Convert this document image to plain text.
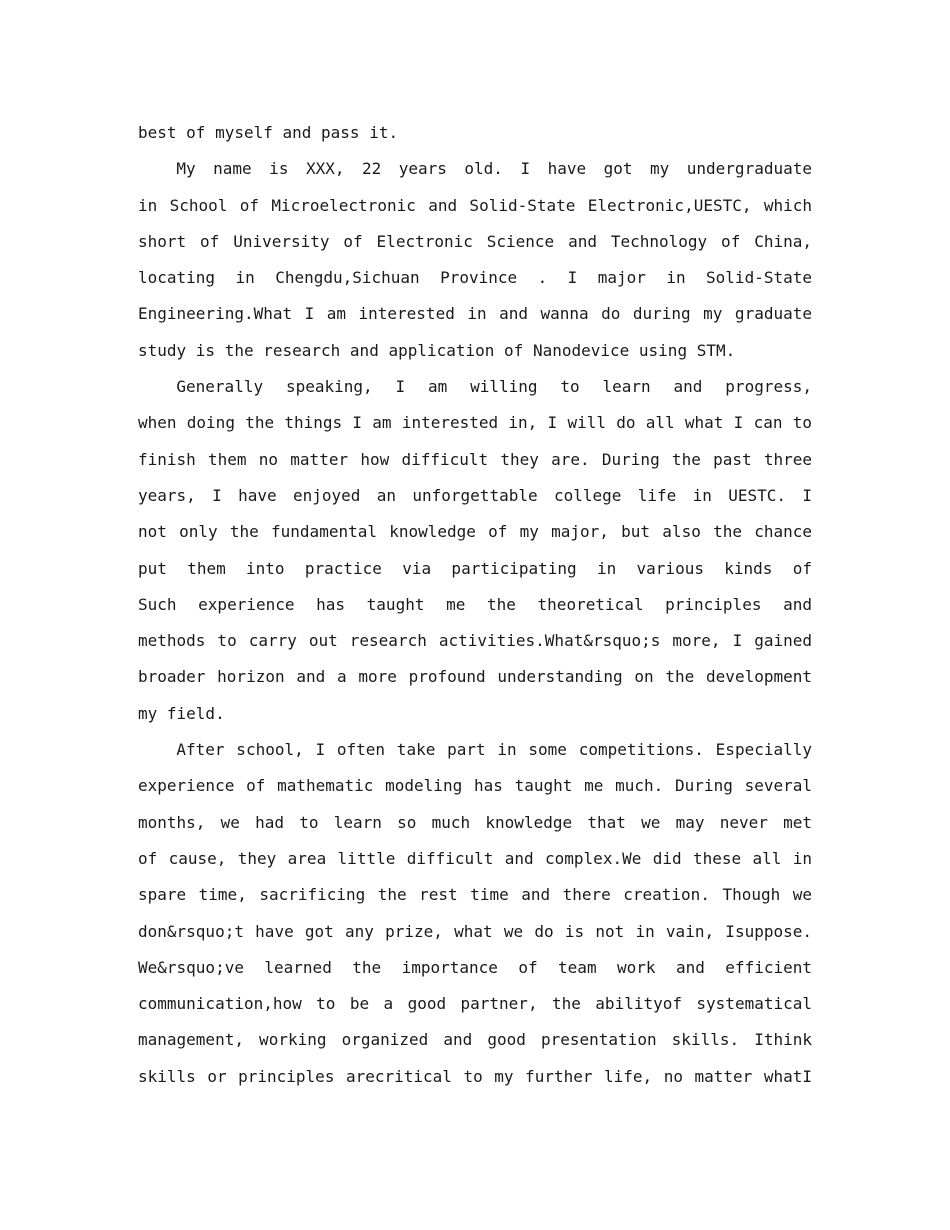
best of myself and pass it.
My name is XXX, 22 years old. I have got my undergraduate
in School of Microelectronic and Solid-State Electronic,UESTC, which
short of University of Electronic Science and Technology of China,
locating in Chengdu,Sichuan Province . I major in Solid-State
Engineering.What I am interested in and wanna do during my graduate
study is the research and application of Nanodevice using STM.
Generally speaking, I am willing to learn and progress,
when doing the things I am interested in, I will do all what I can to
finish them no matter how difficult they are. During the past three
years, I have enjoyed an unforgettable college life in UESTC. I
not only the fundamental knowledge of my major, but also the chance
put them into practice via participating in various kinds of
Such experience has taught me the theoretical principles and
methods to carry out research activities.What&rsquo;s more, I gained
broader horizon and a more profound understanding on the development
my field.
After school, I often take part in some competitions. Especially
experience of mathematic modeling has taught me much. During several
months, we had to learn so much knowledge that we may never met
of cause, they area little difficult and complex.We did these all in
spare time, sacrificing the rest time and there creation. Though we
don&rsquo;t have got any prize, what we do is not in vain, Isuppose.
We&rsquo;ve learned the importance of team work and efficient
communication,how to be a good partner, the abilityof systematical
management, working organized and good presentation skills. Ithink
skills or principles arecritical to my further life, no matter whatI
